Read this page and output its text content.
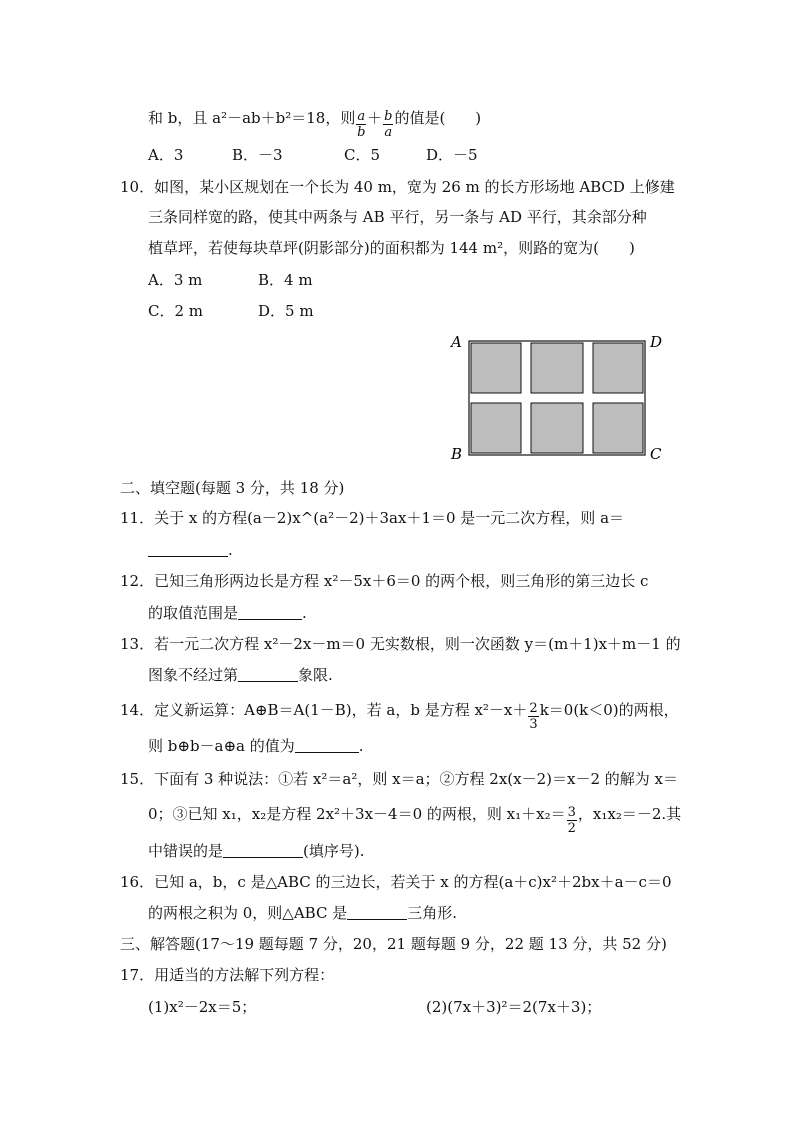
和 b，且 a²－ab＋b²＝18，则 $\frac{a}{b} + \frac{b}{a}$ 的值是(　　)
A．3	B．－3	C．5	D．－5
10．如图，某小区规划在一个长为 40 m，宽为 26 m 的长方形场地 ABCD 上修建
三条同样宽的路，使其中两条与 AB 平行，另一条与 AD 平行，其余部分种
植草坪，若使每块草坪(阴影部分)的面积都为 144 m²，则路的宽为(　　)
A．3 m	B．4 m
C．2 m	D．5 m
A	D
B	C
二、填空题(每题 3 分，共 18 分)
11．关于 x 的方程(a－2)x^(a²－2)＋3ax＋1＝0 是一元二次方程，则 a＝
.
12．已知三角形两边长是方程 x²－5x＋6＝0 的两个根，则三角形的第三边长 c
的取值范围是	.
13．若一元二次方程 x²－2x－m＝0 无实数根，则一次函数 y＝(m＋1)x＋m－1 的
图象不经过第	象限.
14．定义新运算：A⊕B＝A(1－B)，若 a，b 是方程 $x^2-x+ \frac{2}{3} k=0(k<0)$的两根，
则 b⊕b－a⊕a 的值为	.
15．下面有 3 种说法：①若 x²＝a²，则 x＝a；②方程 2x(x－2)＝x－2 的解为 x＝
0；③已知 x₁，x₂是方程 2x²＋3x－4＝0 的两根，则 $x_1+x_2= \frac{3}{2}$ ，x₁x₂＝－2.其
中错误的是	(填序号).
16．已知 a，b，c 是△ABC 的三边长，若关于 x 的方程(a＋c)x²＋2bx＋a－c＝0
的两根之积为 0，则△ABC 是	三角形.
三、解答题(17～19 题每题 7 分，20，21 题每题 9 分，22 题 13 分，共 52 分)
17．用适当的方法解下列方程：
(1)x²－2x＝5；	(2)(7x＋3)²＝2(7x＋3)；
